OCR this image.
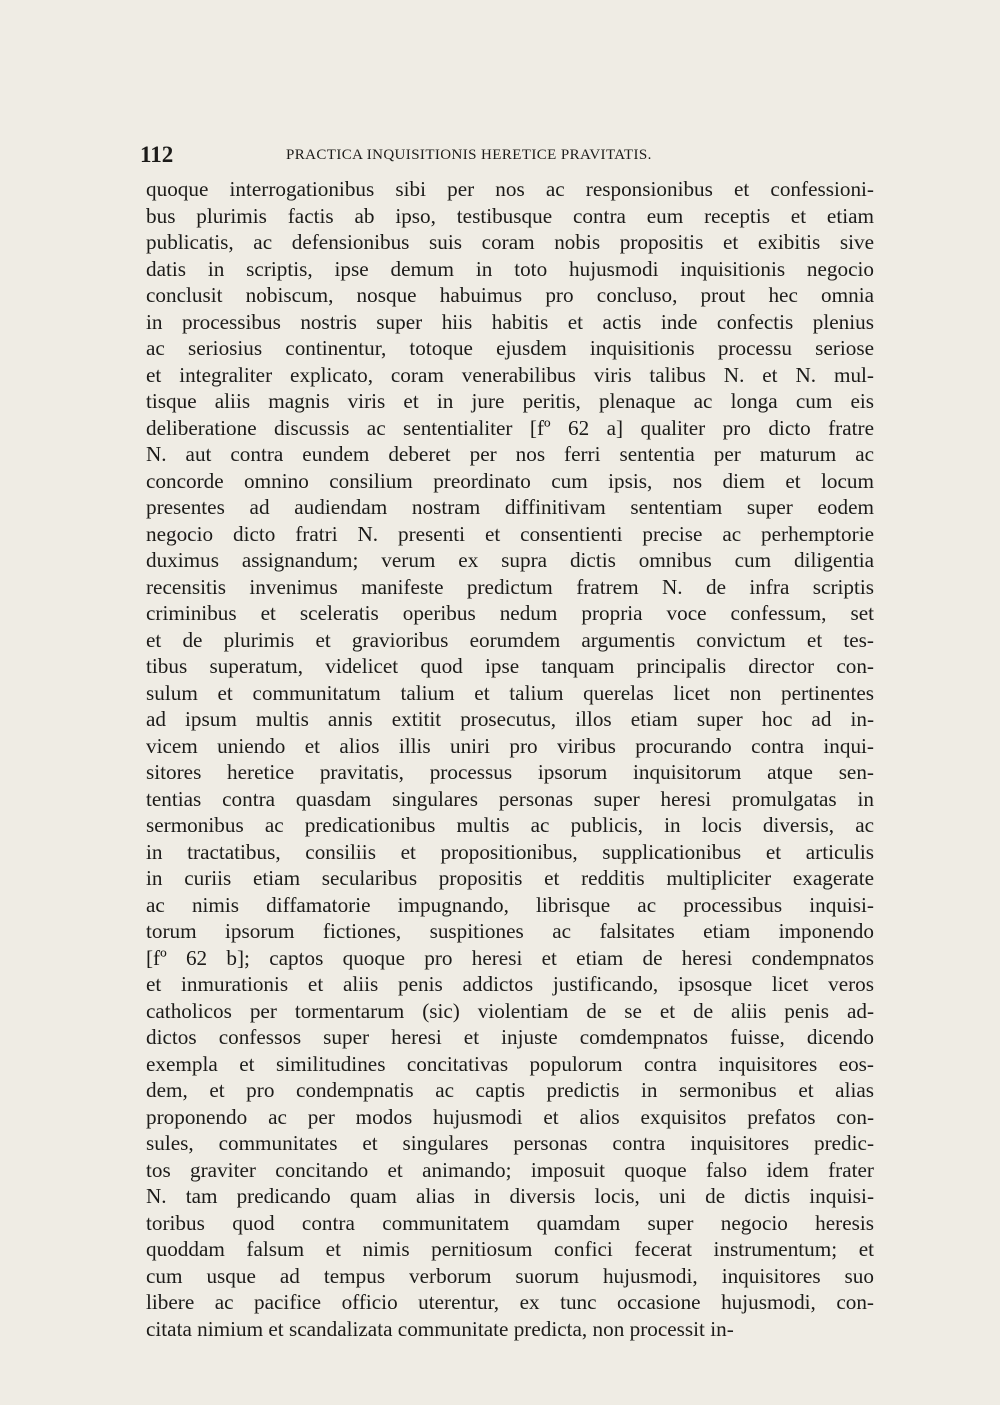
112	PRACTICA INQUISITIONIS HERETICE PRAVITATIS.
quoque interrogationibus sibi per nos ac responsionibus et confessioni-
bus plurimis factis ab ipso, testibusque contra eum receptis et etiam
publicatis, ac defensionibus suis coram nobis propositis et exibitis sive
datis in scriptis, ipse demum in toto hujusmodi inquisitionis negocio
conclusit nobiscum, nosque habuimus pro concluso, prout hec omnia
in processibus nostris super hiis habitis et actis inde confectis plenius
ac seriosius continentur, totoque ejusdem inquisitionis processu seriose
et integraliter explicato, coram venerabilibus viris talibus N. et N. mul-
tisque aliis magnis viris et in jure peritis, plenaque ac longa cum eis
deliberatione discussis ac sententialiter [fº 62 a] qualiter pro dicto fratre
N. aut contra eundem deberet per nos ferri sententia per maturum ac
concorde omnino consilium preordinato cum ipsis, nos diem et locum
presentes ad audiendam nostram diffinitivam sententiam super eodem
negocio dicto fratri N. presenti et consentienti precise ac perhemptorie
duximus assignandum; verum ex supra dictis omnibus cum diligentia
recensitis invenimus manifeste predictum fratrem N. de infra scriptis
criminibus et sceleratis operibus nedum propria voce confessum, set
et de plurimis et gravioribus eorumdem argumentis convictum et tes-
tibus superatum, videlicet quod ipse tanquam principalis director con-
sulum et communitatum talium et talium querelas licet non pertinentes
ad ipsum multis annis extitit prosecutus, illos etiam super hoc ad in-
vicem uniendo et alios illis uniri pro viribus procurando contra inqui-
sitores heretice pravitatis, processus ipsorum inquisitorum atque sen-
tentias contra quasdam singulares personas super heresi promulgatas in
sermonibus ac predicationibus multis ac publicis, in locis diversis, ac
in tractatibus, consiliis et propositionibus, supplicationibus et articulis
in curiis etiam secularibus propositis et redditis multipliciter exagerate
ac nimis diffamatorie impugnando, librisque ac processibus inquisi-
torum ipsorum fictiones, suspitiones ac falsitates etiam imponendo
[fº 62 b]; captos quoque pro heresi et etiam de heresi condempnatos
et inmurationis et aliis penis addictos justificando, ipsosque licet veros
catholicos per tormentarum (sic) violentiam de se et de aliis penis ad-
dictos confessos super heresi et injuste comdempnatos fuisse, dicendo
exempla et similitudines concitativas populorum contra inquisitores eos-
dem, et pro condempnatis ac captis predictis in sermonibus et alias
proponendo ac per modos hujusmodi et alios exquisitos prefatos con-
sules, communitates et singulares personas contra inquisitores predic-
tos graviter concitando et animando; imposuit quoque falso idem frater
N. tam predicando quam alias in diversis locis, uni de dictis inquisi-
toribus quod contra communitatem quamdam super negocio heresis
quoddam falsum et nimis pernitiosum confici fecerat instrumentum; et
cum usque ad tempus verborum suorum hujusmodi, inquisitores suo
libere ac pacifice officio uterentur, ex tunc occasione hujusmodi, con-
citata nimium et scandalizata communitate predicta, non processit in-
